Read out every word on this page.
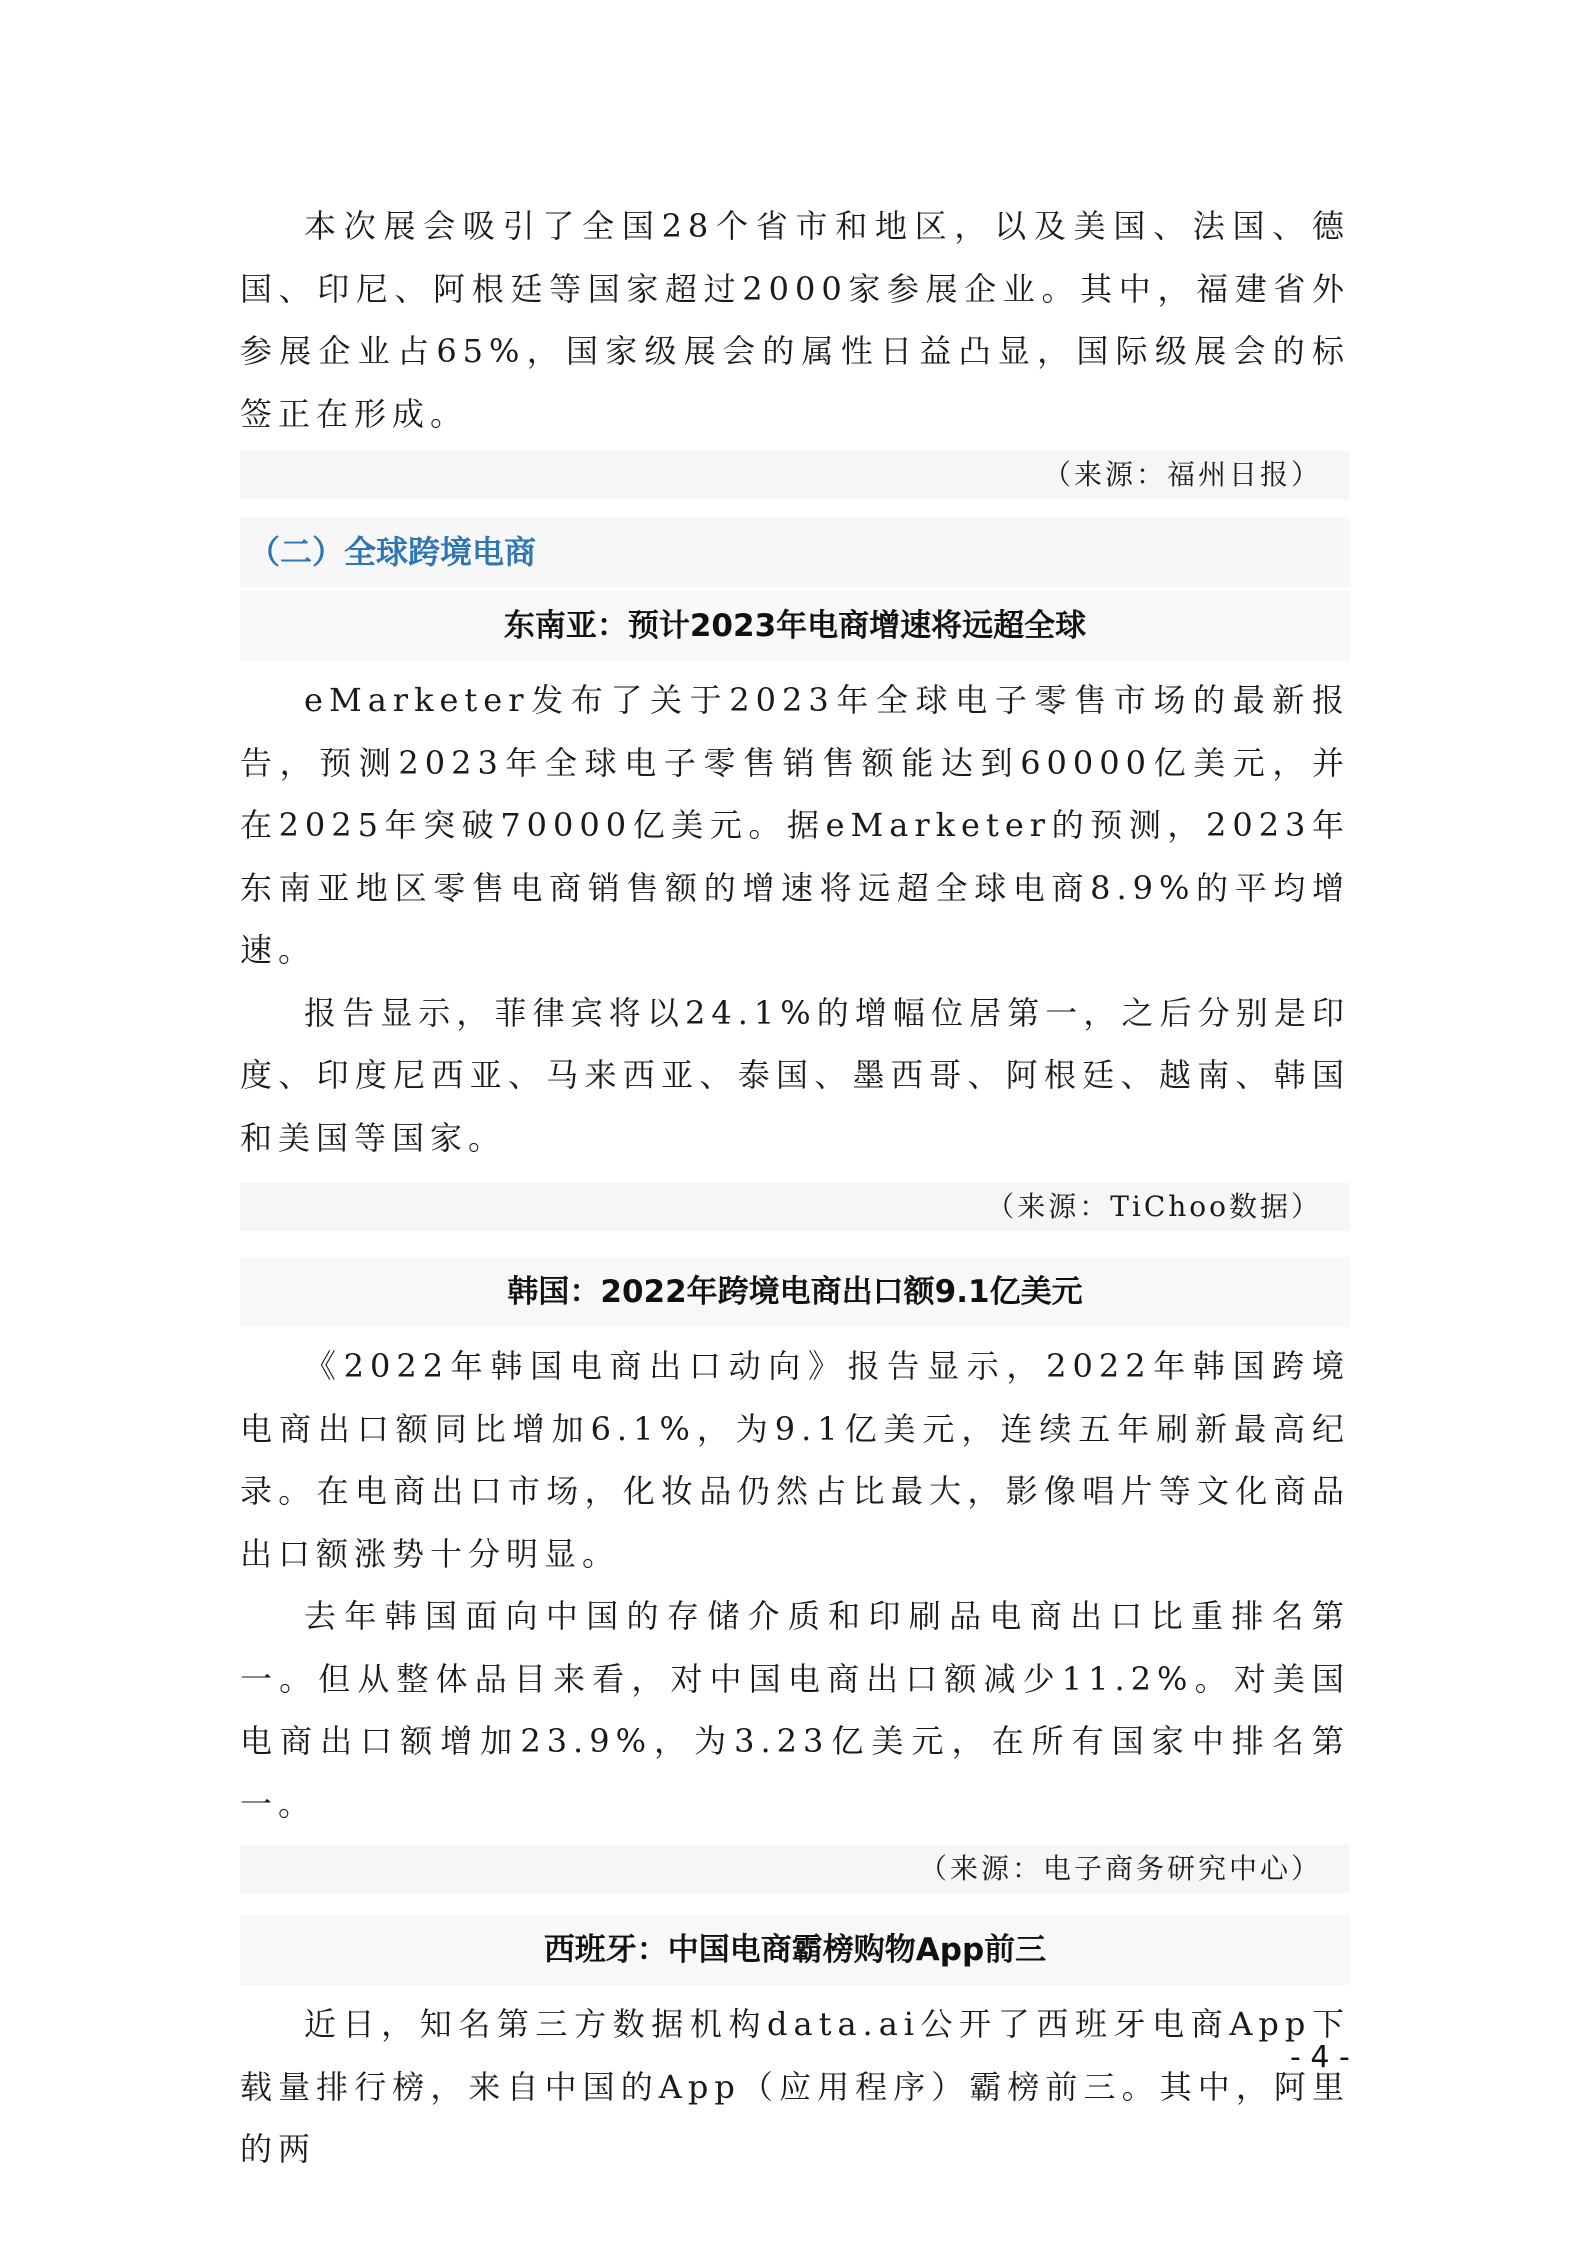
本次展会吸引了全国28个省市和地区，以及美国、法国、德国、印尼、阿根廷等国家超过2000家参展企业。其中，福建省外参展企业占65%，国家级展会的属性日益凸显，国际级展会的标签正在形成。

（来源：福州日报）
（二）全球跨境电商
东南亚：预计2023年电商增速将远超全球

eMarketer发布了关于2023年全球电子零售市场的最新报告，预测2023年全球电子零售销售额能达到60000亿美元，并在2025年突破70000亿美元。据eMarketer的预测，2023年东南亚地区零售电商销售额的增速将远超全球电商8.9%的平均增速。

报告显示，菲律宾将以24.1%的增幅位居第一，之后分别是印度、印度尼西亚、马来西亚、泰国、墨西哥、阿根廷、越南、韩国和美国等国家。

（来源：TiChoo数据）
韩国：2022年跨境电商出口额9.1亿美元

《2022年韩国电商出口动向》报告显示，2022年韩国跨境电商出口额同比增加6.1%，为9.1亿美元，连续五年刷新最高纪录。在电商出口市场，化妆品仍然占比最大，影像唱片等文化商品出口额涨势十分明显。

去年韩国面向中国的存储介质和印刷品电商出口比重排名第一。但从整体品目来看，对中国电商出口额减少11.2%。对美国电商出口额增加23.9%，为3.23亿美元，在所有国家中排名第一。

（来源：电子商务研究中心）
西班牙：中国电商霸榜购物App前三

近日，知名第三方数据机构data.ai公开了西班牙电商App下载量排行榜，来自中国的App（应用程序）霸榜前三。其中，阿里的两

- 4 -
